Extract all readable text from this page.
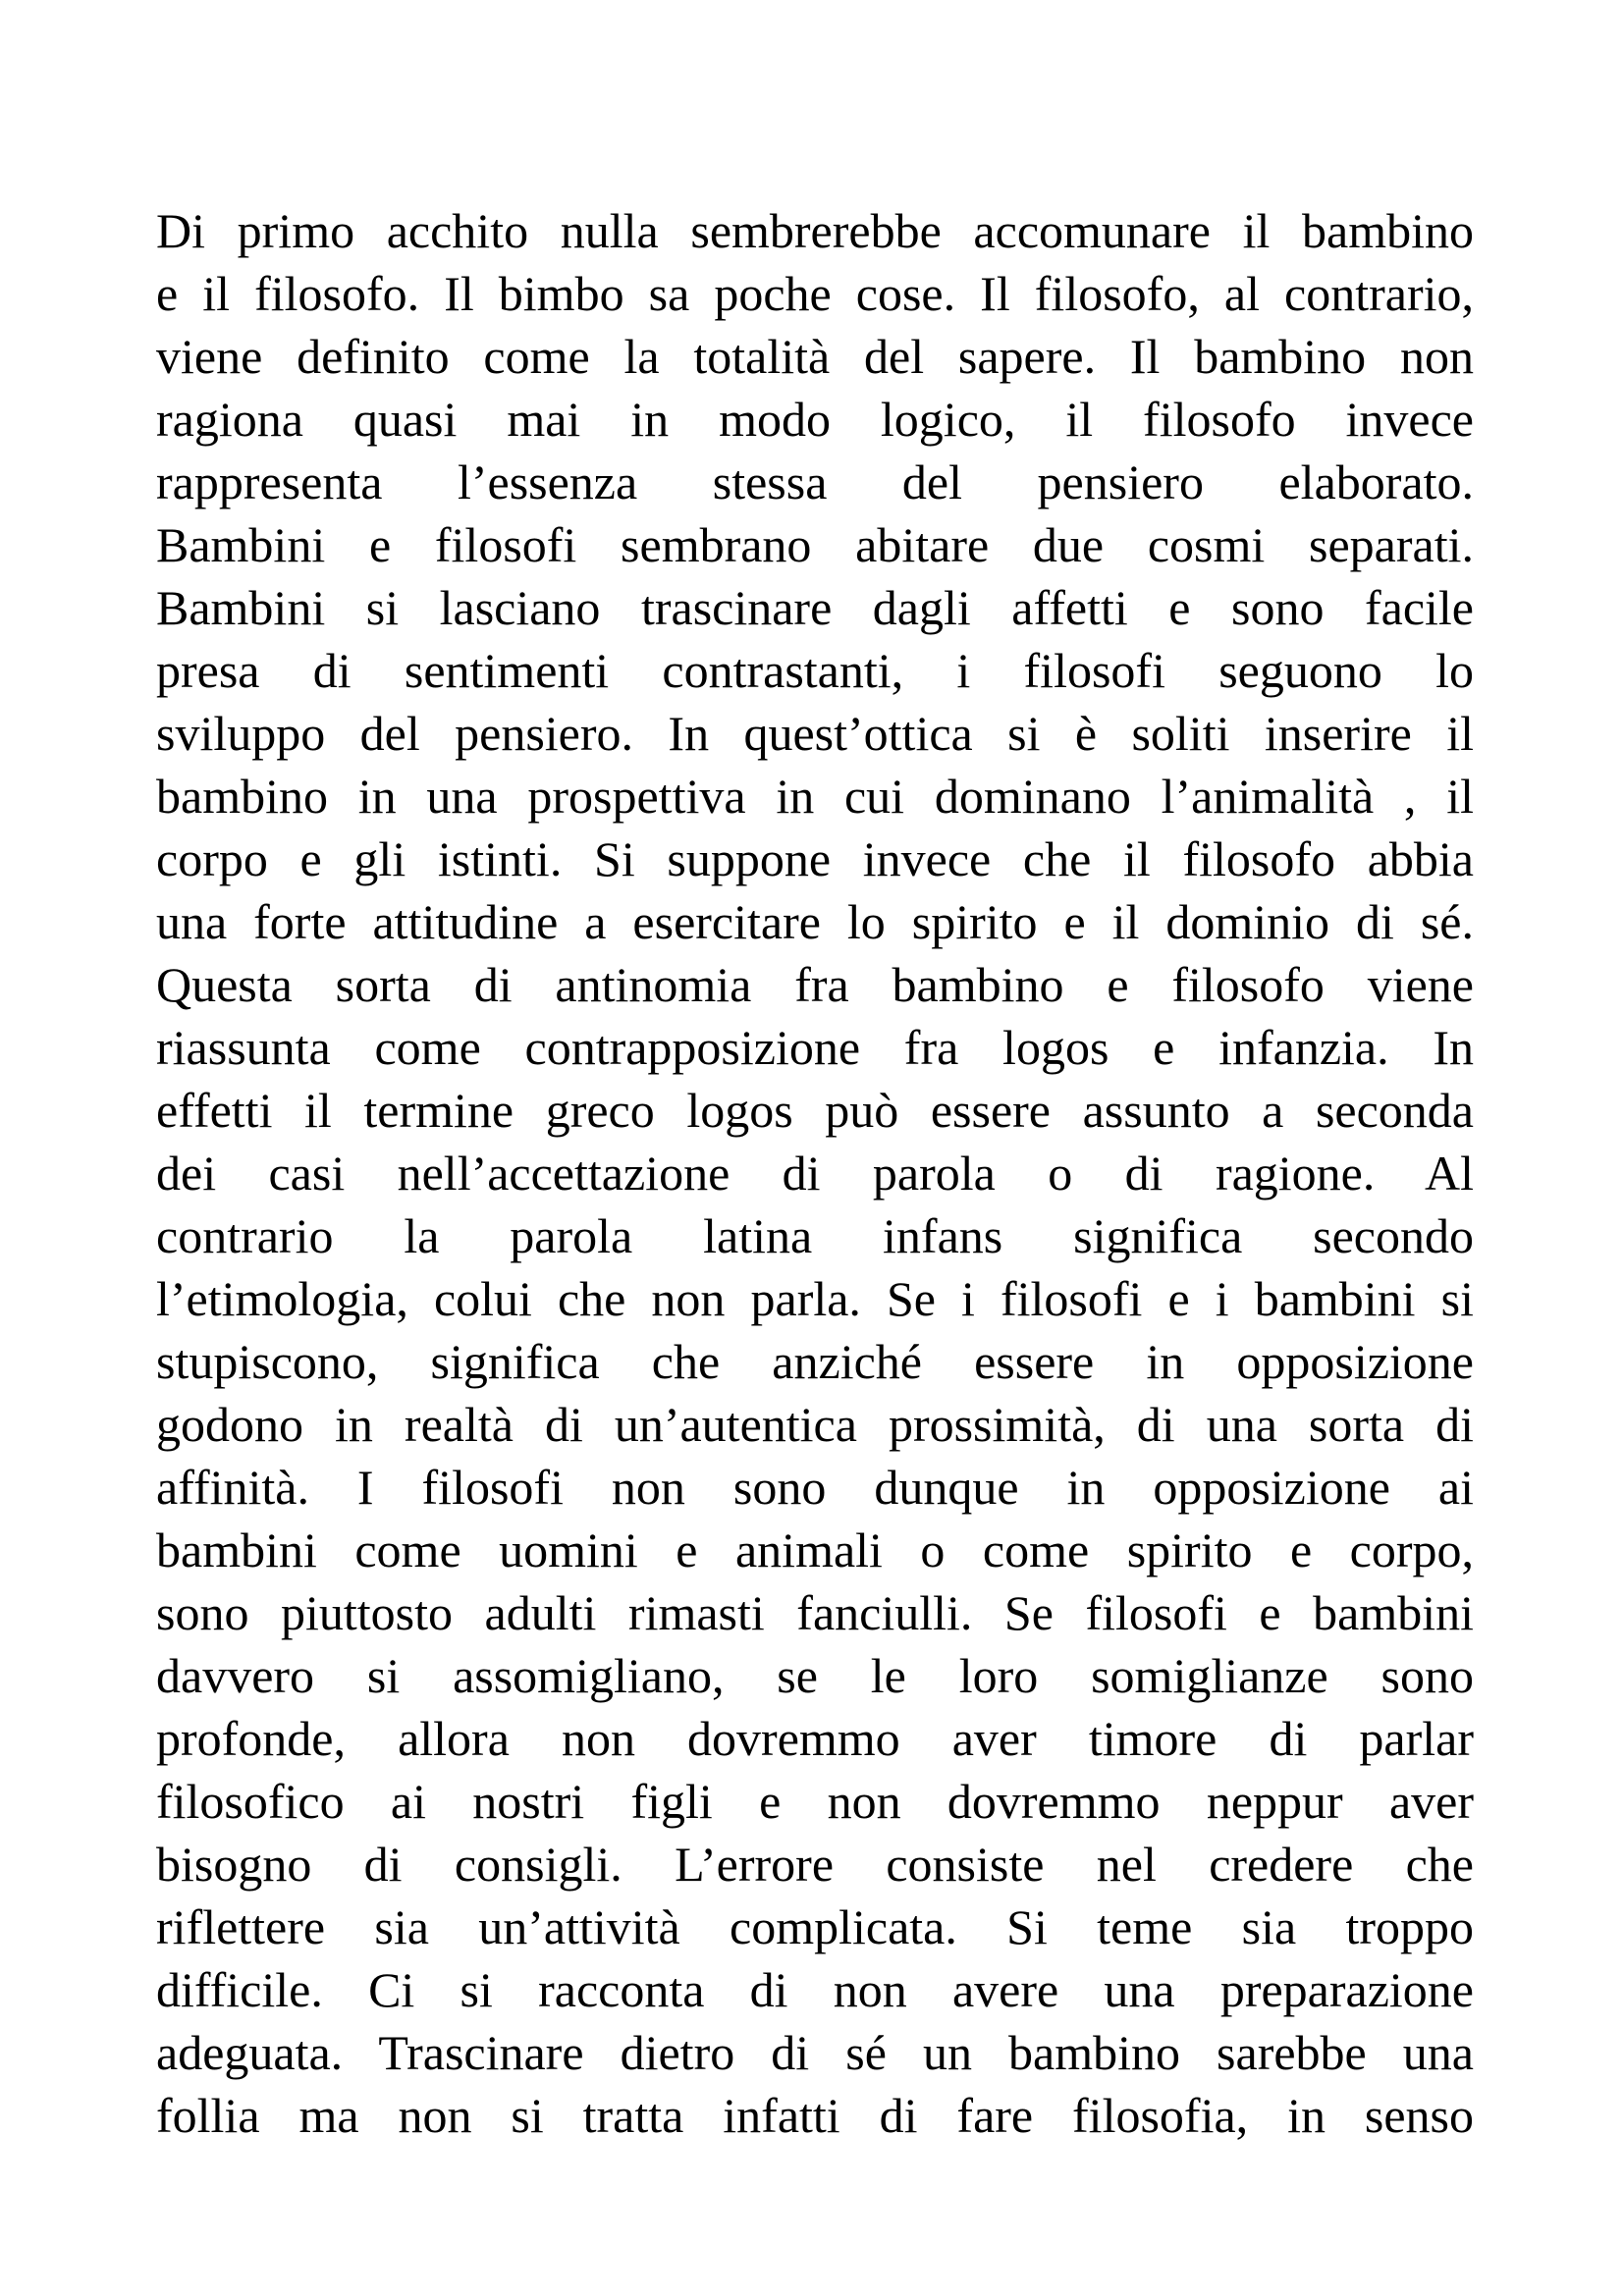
Di primo acchito nulla sembrerebbe accomunare il bambino
e il filosofo. Il bimbo sa poche cose. Il filosofo, al contrario,
viene definito come la totalità del sapere. Il bambino non
ragiona quasi mai in modo logico, il filosofo invece
rappresenta l’essenza stessa del pensiero elaborato.
Bambini e filosofi sembrano abitare due cosmi separati.
Bambini si lasciano trascinare dagli affetti e sono facile
presa di sentimenti contrastanti, i filosofi seguono lo
sviluppo del pensiero. In quest’ottica si è soliti inserire il
bambino in una prospettiva in cui dominano l’animalità , il
corpo e gli istinti. Si suppone invece che il filosofo abbia
una forte attitudine a esercitare lo spirito e il dominio di sé.
Questa sorta di antinomia fra bambino e filosofo viene
riassunta come contrapposizione fra logos e infanzia. In
effetti il termine greco logos può essere assunto a seconda
dei casi nell’accettazione di parola o di ragione. Al
contrario la parola latina infans significa secondo
l’etimologia, colui che non parla. Se i filosofi e i bambini si
stupiscono, significa che anziché essere in opposizione
godono in realtà di un’autentica prossimità, di una sorta di
affinità. I filosofi non sono dunque in opposizione ai
bambini come uomini e animali o come spirito e corpo,
sono piuttosto adulti rimasti fanciulli. Se filosofi e bambini
davvero si assomigliano, se le loro somiglianze sono
profonde, allora non dovremmo aver timore di parlar
filosofico ai nostri figli e non dovremmo neppur aver
bisogno di consigli. L’errore consiste nel credere che
riflettere sia un’attività complicata. Si teme sia troppo
difficile. Ci si racconta di non avere una preparazione
adeguata. Trascinare dietro di sé un bambino sarebbe una
follia ma non si tratta infatti di fare filosofia, in senso
